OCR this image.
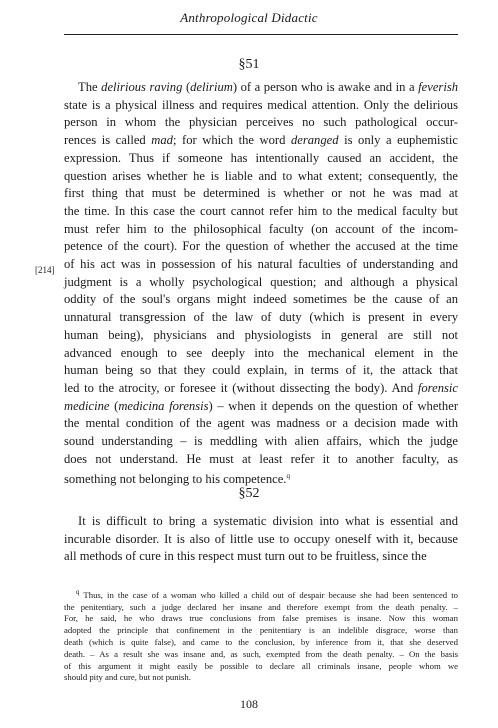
Anthropological Didactic
§51
The delirious raving (delirium) of a person who is awake and in a feverish
state is a physical illness and requires medical attention. Only the delirious
person in whom the physician perceives no such pathological occur-
rences is called mad; for which the word deranged is only a euphemistic
expression. Thus if someone has intentionally caused an accident, the
question arises whether he is liable and to what extent; consequently, the
first thing that must be determined is whether or not he was mad at
the time. In this case the court cannot refer him to the medical faculty but
must refer him to the philosophical faculty (on account of the incom-
petence of the court). For the question of whether the accused at the time
of his act was in possession of his natural faculties of understanding and
judgment is a wholly psychological question; and although a physical
oddity of the soul's organs might indeed sometimes be the cause of an
unnatural transgression of the law of duty (which is present in every
human being), physicians and physiologists in general are still not
advanced enough to see deeply into the mechanical element in the
human being so that they could explain, in terms of it, the attack that
led to the atrocity, or foresee it (without dissecting the body). And forensic
medicine (medicina forensis) – when it depends on the question of whether
the mental condition of the agent was madness or a decision made with
sound understanding – is meddling with alien affairs, which the judge
does not understand. He must at least refer it to another faculty, as
something not belonging to his competence.$^q$
[214]
§52
It is difficult to bring a systematic division into what is essential and
incurable disorder. It is also of little use to occupy oneself with it, because
all methods of cure in this respect must turn out to be fruitless, since the
$^q$ Thus, in the case of a woman who killed a child out of despair because she had been sentenced to
the penitentiary, such a judge declared her insane and therefore exempt from the death penalty. –
For, he said, he who draws true conclusions from false premises is insane. Now this woman
adopted the principle that confinement in the penitentiary is an indelible disgrace, worse than
death (which is quite false), and came to the conclusion, by inference from it, that she deserved
death. – As a result she was insane and, as such, exempted from the death penalty. – On the basis
of this argument it might easily be possible to declare all criminals insane, people whom we
should pity and cure, but not punish.
108
